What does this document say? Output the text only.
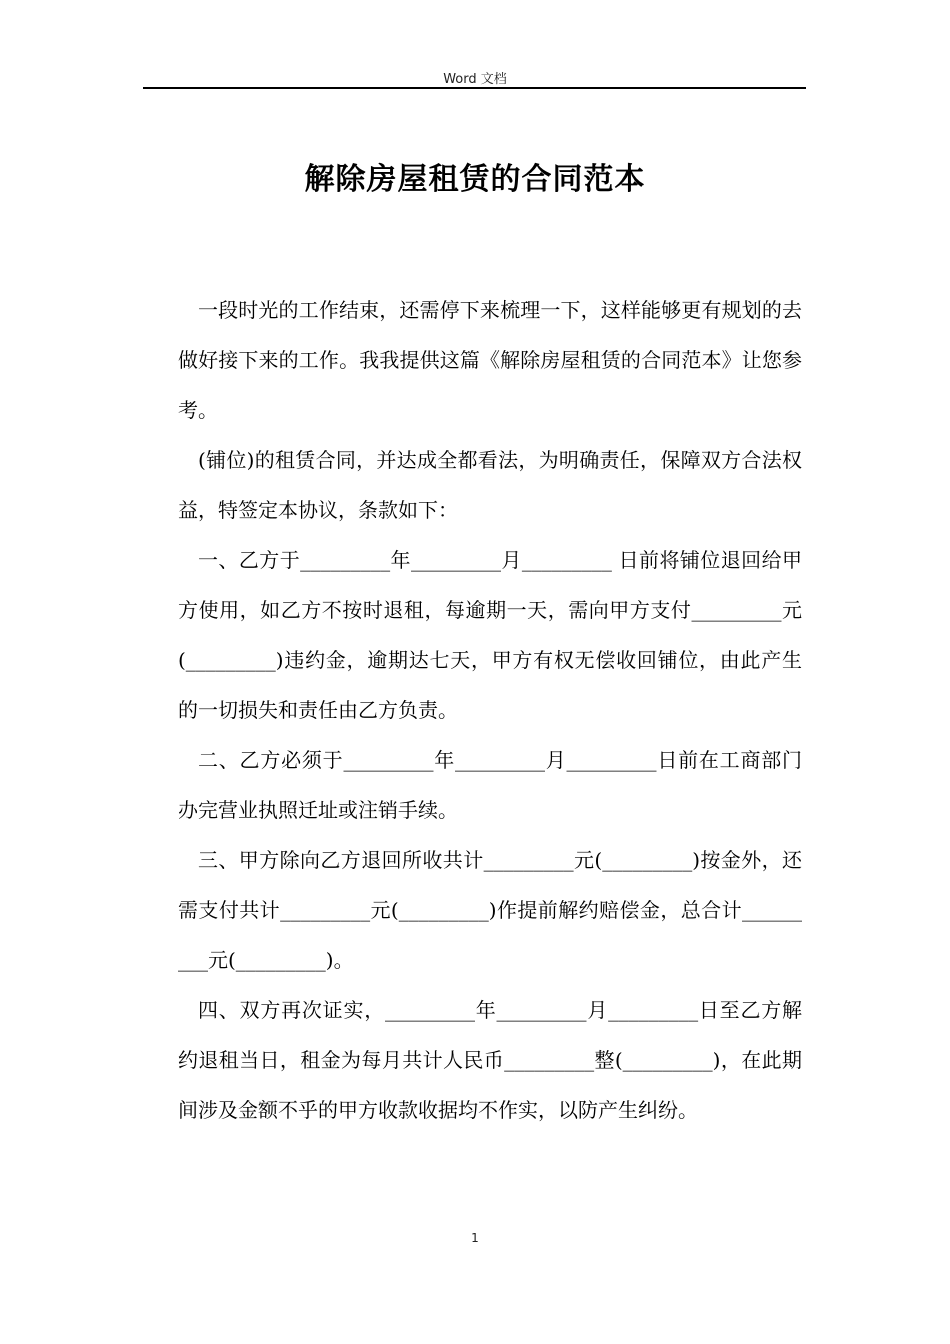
Word 文档
解除房屋租赁的合同范本

一段时光的工作结束，还需停下来梳理一下，这样能够更有规划的去做好接下来的工作。我我提供这篇《解除房屋租赁的合同范本》让您参考。

(铺位)的租赁合同，并达成全都看法，为明确责任，保障双方合法权益，特签定本协议，条款如下：

一、乙方于_________年_________月_________ 日前将铺位退回给甲方使用，如乙方不按时退租，每逾期一天，需向甲方支付_________元(_________)违约金，逾期达七天，甲方有权无偿收回铺位，由此产生的一切损失和责任由乙方负责。

二、乙方必须于_________年_________月_________日前在工商部门办完营业执照迁址或注销手续。

三、甲方除向乙方退回所收共计_________元(_________)按金外，还需支付共计_________元(_________)作提前解约赔偿金，总合计_________元(_________)。

四、双方再次证实，_________年_________月_________日至乙方解约退租当日，租金为每月共计人民币_________整(_________)，在此期间涉及金额不乎的甲方收款收据均不作实，以防产生纠纷。

1
